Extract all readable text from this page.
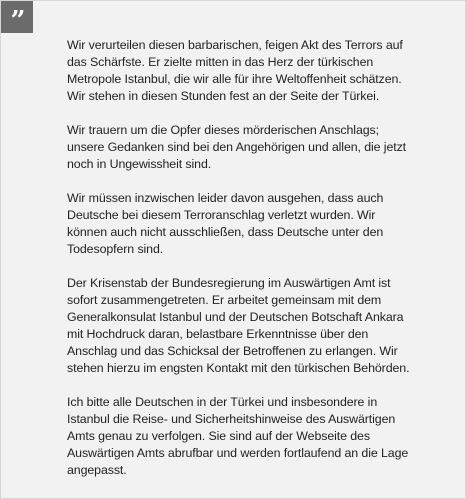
”

Wir verurteilen diesen barbarischen, feigen Akt des Terrors auf das Schärfste. Er zielte mitten in das Herz der türkischen Metropole Istanbul, die wir alle für ihre Weltoffenheit schätzen. Wir stehen in diesen Stunden fest an der Seite der Türkei.

Wir trauern um die Opfer dieses mörderischen Anschlags; unsere Gedanken sind bei den Angehörigen und allen, die jetzt noch in Ungewissheit sind.

Wir müssen inzwischen leider davon ausgehen, dass auch Deutsche bei diesem Terroranschlag verletzt wurden. Wir können auch nicht ausschließen, dass Deutsche unter den Todesopfern sind.

Der Krisenstab der Bundesregierung im Auswärtigen Amt ist sofort zusammengetreten. Er arbeitet gemeinsam mit dem Generalkonsulat Istanbul und der Deutschen Botschaft Ankara mit Hochdruck daran, belastbare Erkenntnisse über den Anschlag und das Schicksal der Betroffenen zu erlangen. Wir stehen hierzu im engsten Kontakt mit den türkischen Behörden.

Ich bitte alle Deutschen in der Türkei und insbesondere in Istanbul die Reise- und Sicherheitshinweise des Auswärtigen Amts genau zu verfolgen. Sie sind auf der Webseite des Auswärtigen Amts abrufbar und werden fortlaufend an die Lage angepasst.
